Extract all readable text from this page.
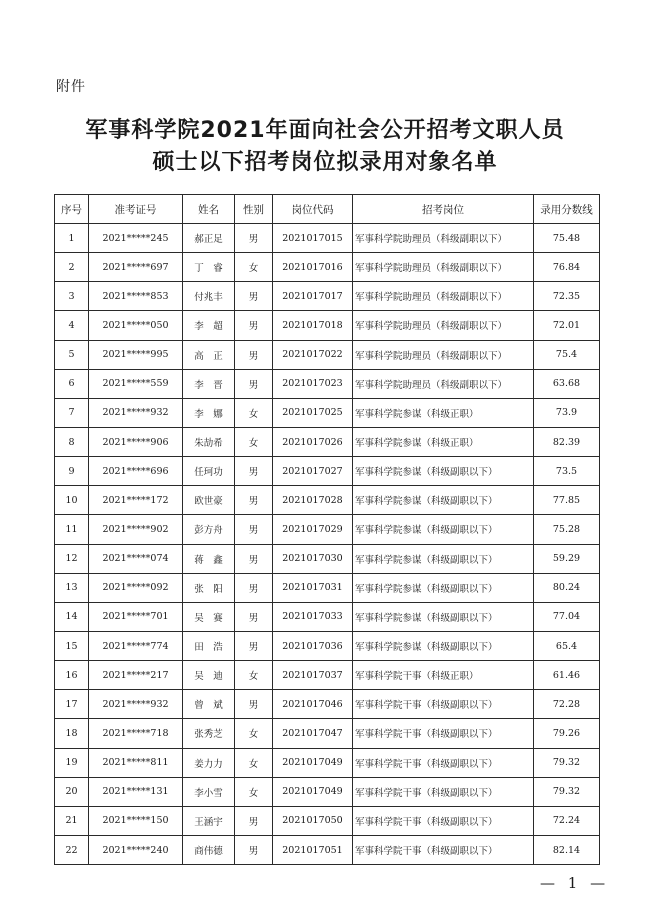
附件
军事科学院2021年面向社会公开招考文职人员
硕士以下招考岗位拟录用对象名单
序号	准考证号	姓名	性别	岗位代码	招考岗位	录用分数线
1	2021*****245	郝正足	男	2021017015	军事科学院助理员（科级副职以下）	75.48
2	2021*****697	丁　睿	女	2021017016	军事科学院助理员（科级副职以下）	76.84
3	2021*****853	付兆丰	男	2021017017	军事科学院助理员（科级副职以下）	72.35
4	2021*****050	李　超	男	2021017018	军事科学院助理员（科级副职以下）	72.01
5	2021*****995	高　正	男	2021017022	军事科学院助理员（科级副职以下）	75.4
6	2021*****559	李　晋	男	2021017023	军事科学院助理员（科级副职以下）	63.68
7	2021*****932	李　娜	女	2021017025	军事科学院参谋（科级正职）	73.9
8	2021*****906	朱劼希	女	2021017026	军事科学院参谋（科级正职）	82.39
9	2021*****696	任珂功	男	2021017027	军事科学院参谋（科级副职以下）	73.5
10	2021*****172	欧世豪	男	2021017028	军事科学院参谋（科级副职以下）	77.85
11	2021*****902	彭方舟	男	2021017029	军事科学院参谋（科级副职以下）	75.28
12	2021*****074	蒋　鑫	男	2021017030	军事科学院参谋（科级副职以下）	59.29
13	2021*****092	张　阳	男	2021017031	军事科学院参谋（科级副职以下）	80.24
14	2021*****701	吴　赛	男	2021017033	军事科学院参谋（科级副职以下）	77.04
15	2021*****774	田　浩	男	2021017036	军事科学院参谋（科级副职以下）	65.4
16	2021*****217	吴　迪	女	2021017037	军事科学院干事（科级正职）	61.46
17	2021*****932	曾　斌	男	2021017046	军事科学院干事（科级副职以下）	72.28
18	2021*****718	张秀芝	女	2021017047	军事科学院干事（科级副职以下）	79.26
19	2021*****811	姜力力	女	2021017049	军事科学院干事（科级副职以下）	79.32
20	2021*****131	李小雪	女	2021017049	军事科学院干事（科级副职以下）	79.32
21	2021*****150	王涵宇	男	2021017050	军事科学院干事（科级副职以下）	72.24
22	2021*****240	商伟德	男	2021017051	军事科学院干事（科级副职以下）	82.14
— 1 —
